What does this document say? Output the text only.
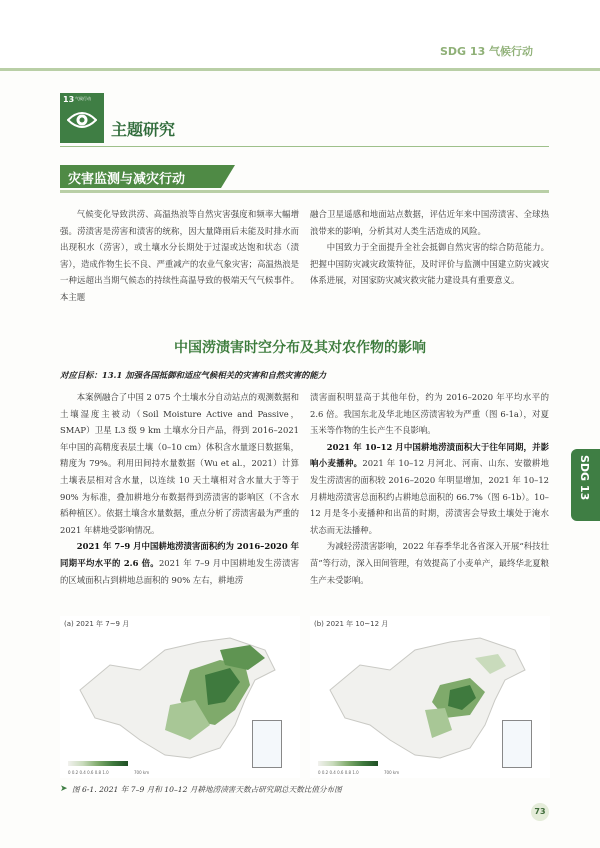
SDG 13 气候行动
13 气候行动
主题研究
灾害监测与减灾行动
气候变化导致洪涝、高温热浪等自然灾害强度和频率大幅增强。涝渍害是涝害和渍害的统称，因大量降雨后未能及时排水而出现积水（涝害），或土壤水分长期处于过湿或达饱和状态（渍害），造成作物生长不良、严重减产的农业气象灾害；高温热浪是一种远超出当期气候态的持续性高温导致的极端天气气候事件。本主题

融合卫星遥感和地面站点数据，评估近年来中国涝渍害、全球热浪带来的影响，分析其对人类生活造成的风险。

中国致力于全面提升全社会抵御自然灾害的综合防范能力。把握中国防灾减灾政策特征，及时评价与监测中国建立防灾减灾体系进展，对国家防灾减灾救灾能力建设具有重要意义。

中国涝渍害时空分布及其对农作物的影响
对应目标：13.1 加强各国抵御和适应气候相关的灾害和自然灾害的能力

本案例融合了中国 2 075 个土壤水分自动站点的观测数据和土壤湿度主被动（Soil Moisture Active and Passive，SMAP）卫星 L3 级 9 km 土壤水分日产品，得到 2016–2021 年中国的高精度表层土壤（0–10 cm）体积含水量逐日数据集，精度为 79%。利用田间持水量数据（Wu et al.，2021）计算土壤表层相对含水量，以连续 10 天土壤相对含水量大于等于 90% 为标准，叠加耕地分布数据得到涝渍害的影响区（不含水稻种植区）。依据土壤含水量数据，重点分析了涝渍害最为严重的 2021 年耕地受影响情况。

2021 年 7–9 月中国耕地涝渍害面积约为 2016–2020 年同期平均水平的 2.6 倍。2021 年 7–9 月中国耕地发生涝渍害的区域面积占到耕地总面积的 90% 左右，耕地涝

渍害面积明显高于其他年份，约为 2016–2020 年平均水平的 2.6 倍。我国东北及华北地区涝渍害较为严重（图 6-1a），对夏玉米等作物的生长产生不良影响。

2021 年 10–12 月中国耕地涝渍面积大于往年同期，并影响小麦播种。2021 年 10–12 月河北、河南、山东、安徽耕地发生涝渍害的面积较 2016–2020 年明显增加，2021 年 10–12 月耕地涝渍害总面积约占耕地总面积的 66.7%（图 6-1b）。10–12 月是冬小麦播种和出苗的时期，涝渍害会导致土壤处于淹水状态而无法播种。

为减轻涝渍害影响，2022 年春季华北各省深入开展“科技壮苗”等行动，深入田间管理，有效提高了小麦单产，最终华北夏粮生产未受影响。

SDG 13
(a) 2021 年 7~9 月
0 0.2 0.4 0.6 0.8 1.0	700 km
(b) 2021 年 10~12 月
0 0.2 0.4 0.6 0.8 1.0	700 km
➤ 图 6-1. 2021 年 7–9 月和 10–12 月耕地涝渍害天数占研究期总天数比值分布图
73
